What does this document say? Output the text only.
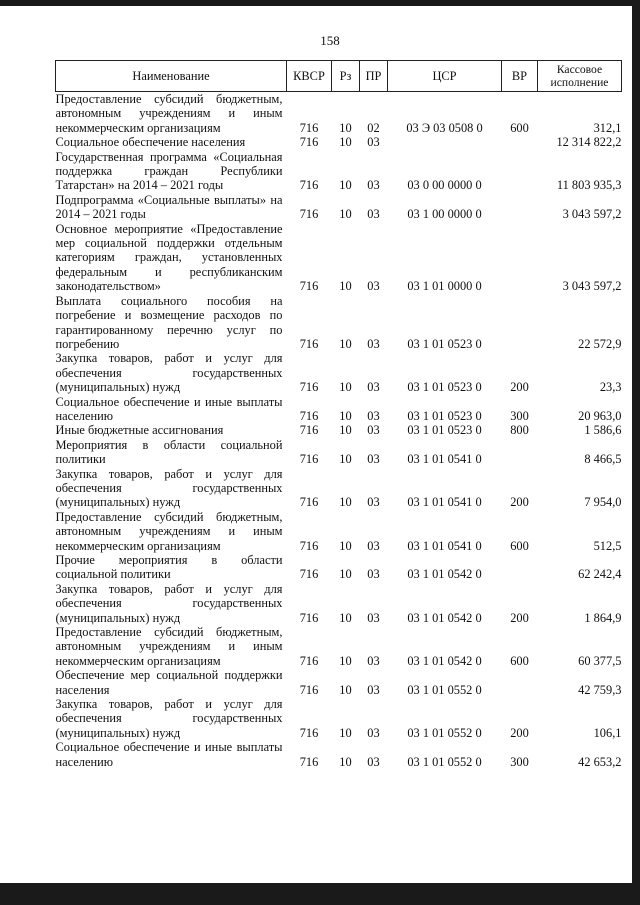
158
Наименование	КВСР	Рз	ПР	ЦСР	ВР	Кассовое исполнение
Предоставление субсидий бюджетным, автономным учреждениям и иным некоммерческим организациям	716	10	02	03 Э 03 0508 0	600	312,1
Социальное обеспечение населения	716	10	03			12 314 822,2
Государственная программа «Социальная поддержка граждан Республики Татарстан» на 2014 – 2021 годы	716	10	03	03 0 00 0000 0		11 803 935,3
Подпрограмма «Социальные выплаты» на 2014 – 2021 годы	716	10	03	03 1 00 0000 0		3 043 597,2
Основное мероприятие «Предоставление мер социальной поддержки отдельным категориям граждан, установленных федеральным и республиканским законодательством»	716	10	03	03 1 01 0000 0		3 043 597,2
Выплата социального пособия на погребение и возмещение расходов по гарантированному перечню услуг по погребению	716	10	03	03 1 01 0523 0		22 572,9
Закупка товаров, работ и услуг для обеспечения государственных (муниципальных) нужд	716	10	03	03 1 01 0523 0	200	23,3
Социальное обеспечение и иные выплаты населению	716	10	03	03 1 01 0523 0	300	20 963,0
Иные бюджетные ассигнования	716	10	03	03 1 01 0523 0	800	1 586,6
Мероприятия в области социальной политики	716	10	03	03 1 01 0541 0		8 466,5
Закупка товаров, работ и услуг для обеспечения государственных (муниципальных) нужд	716	10	03	03 1 01 0541 0	200	7 954,0
Предоставление субсидий бюджетным, автономным учреждениям и иным некоммерческим организациям	716	10	03	03 1 01 0541 0	600	512,5
Прочие мероприятия в области социальной политики	716	10	03	03 1 01 0542 0		62 242,4
Закупка товаров, работ и услуг для обеспечения государственных (муниципальных) нужд	716	10	03	03 1 01 0542 0	200	1 864,9
Предоставление субсидий бюджетным, автономным учреждениям и иным некоммерческим организациям	716	10	03	03 1 01 0542 0	600	60 377,5
Обеспечение мер социальной поддержки населения	716	10	03	03 1 01 0552 0		42 759,3
Закупка товаров, работ и услуг для обеспечения государственных (муниципальных) нужд	716	10	03	03 1 01 0552 0	200	106,1
Социальное обеспечение и иные выплаты населению	716	10	03	03 1 01 0552 0	300	42 653,2
